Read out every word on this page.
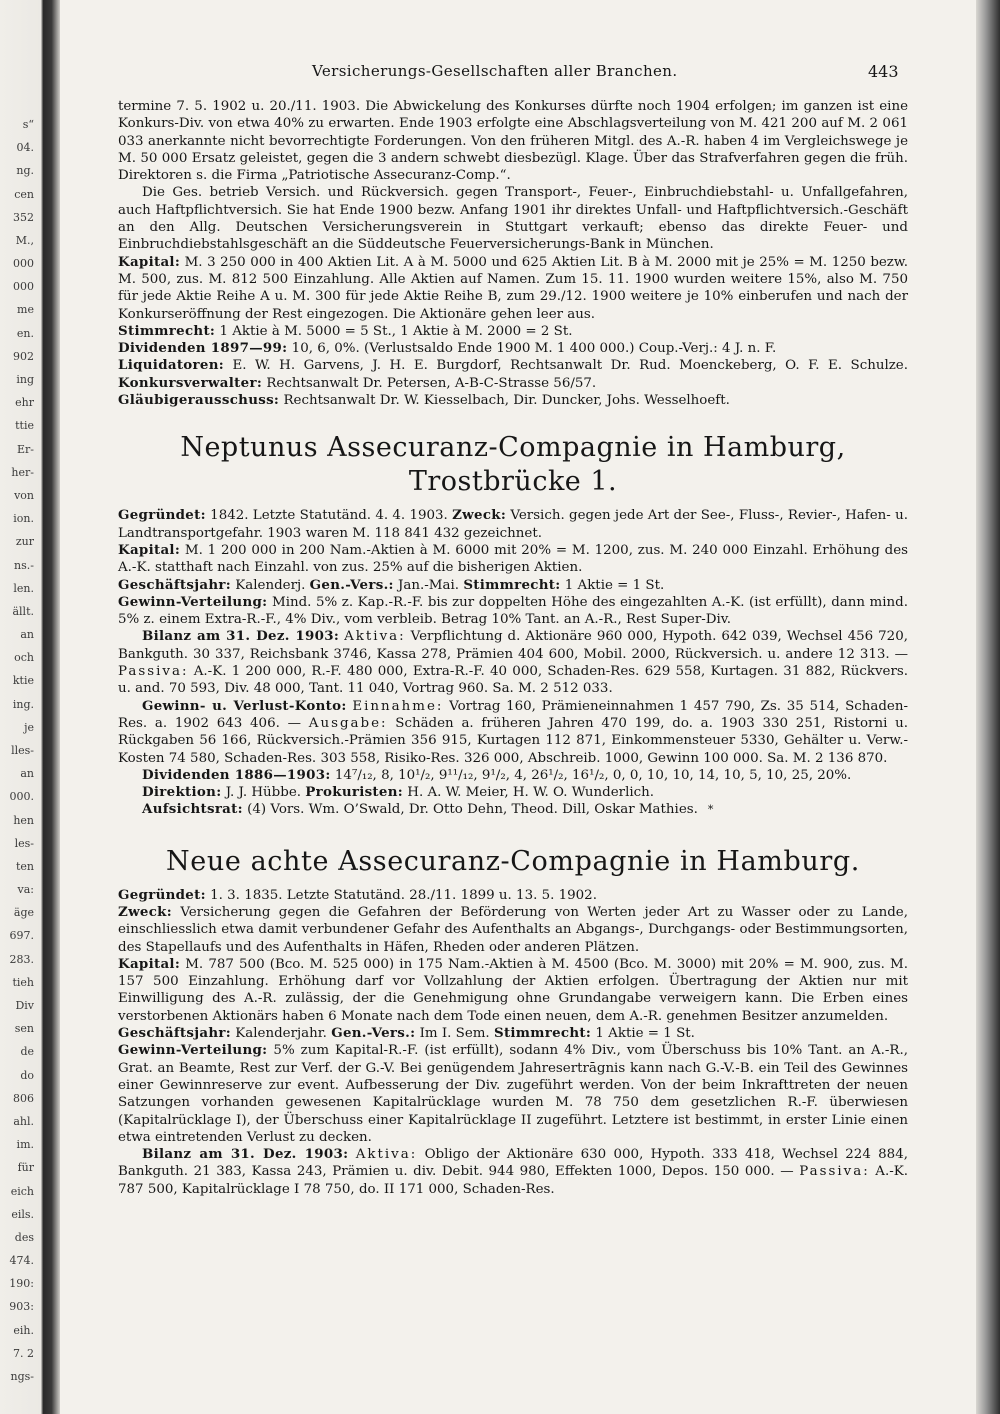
s“
04.
ng.
cen
352
M.,
000
000
me
en.
902
ing
ehr
ttie
Er-
her-
von
ion.
zur
ns.-
len.
ällt.
an
och
ktie
ing.
je
lles-
an
000.
hen
les-
ten
va:
äge
697.
283.
tieh
Div
sen
de
do
806
ahl.
im.
für
eich
eils.
des
474.
190:
903:
eih.
7. 2
ngs-
Versicherungs-Gesellschaften aller Branchen.	443

termine 7. 5. 1902 u. 20./11. 1903. Die Abwickelung des Konkurses dürfte noch 1904 erfolgen; im ganzen ist eine Konkurs-Div. von etwa 40% zu erwarten. Ende 1903 erfolgte eine Abschlagsverteilung von M. 421 200 auf M. 2 061 033 anerkannte nicht bevorrechtigte Forderungen. Von den früheren Mitgl. des A.-R. haben 4 im Vergleichswege je M. 50 000 Ersatz geleistet, gegen die 3 andern schwebt diesbezügl. Klage. Über das Strafverfahren gegen die früh. Direktoren s. die Firma „Patriotische Assecuranz-Comp.“.

Die Ges. betrieb Versich. und Rückversich. gegen Transport-, Feuer-, Einbruchdiebstahl- u. Unfallgefahren, auch Haftpflichtversich. Sie hat Ende 1900 bezw. Anfang 1901 ihr direktes Unfall- und Haftpflichtversich.-Geschäft an den Allg. Deutschen Versicherungsverein in Stuttgart verkauft; ebenso das direkte Feuer- und Einbruchdiebstahlsgeschäft an die Süddeutsche Feuerversicherungs-Bank in München.

Kapital: M. 3 250 000 in 400 Aktien Lit. A à M. 5000 und 625 Aktien Lit. B à M. 2000 mit je 25% = M. 1250 bezw. M. 500, zus. M. 812 500 Einzahlung. Alle Aktien auf Namen. Zum 15. 11. 1900 wurden weitere 15%, also M. 750 für jede Aktie Reihe A u. M. 300 für jede Aktie Reihe B, zum 29./12. 1900 weitere je 10% einberufen und nach der Konkurseröffnung der Rest eingezogen. Die Aktionäre gehen leer aus.

Stimmrecht: 1 Aktie à M. 5000 = 5 St., 1 Aktie à M. 2000 = 2 St.

Dividenden 1897—99: 10, 6, 0%. (Verlustsaldo Ende 1900 M. 1 400 000.) Coup.-Verj.: 4 J. n. F.

Liquidatoren: E. W. H. Garvens, J. H. E. Burgdorf, Rechtsanwalt Dr. Rud. Moenckeberg, O. F. E. Schulze. Konkursverwalter: Rechtsanwalt Dr. Petersen, A-B-C-Strasse 56/57.

Gläubigerausschuss: Rechtsanwalt Dr. W. Kiesselbach, Dir. Duncker, Johs. Wesselhoeft.

Neptunus Assecuranz-Compagnie in Hamburg, Trostbrücke 1.

Gegründet: 1842. Letzte Statutänd. 4. 4. 1903. Zweck: Versich. gegen jede Art der See-, Fluss-, Revier-, Hafen- u. Landtransportgefahr. 1903 waren M. 118 841 432 gezeichnet.

Kapital: M. 1 200 000 in 200 Nam.-Aktien à M. 6000 mit 20% = M. 1200, zus. M. 240 000 Einzahl. Erhöhung des A.-K. statthaft nach Einzahl. von zus. 25% auf die bisherigen Aktien.

Geschäftsjahr: Kalenderj. Gen.-Vers.: Jan.-Mai. Stimmrecht: 1 Aktie = 1 St.

Gewinn-Verteilung: Mind. 5% z. Kap.-R.-F. bis zur doppelten Höhe des eingezahlten A.-K. (ist erfüllt), dann mind. 5% z. einem Extra-R.-F., 4% Div., vom verbleib. Betrag 10% Tant. an A.-R., Rest Super-Div.

Bilanz am 31. Dez. 1903: Aktiva: Verpflichtung d. Aktionäre 960 000, Hypoth. 642 039, Wechsel 456 720, Bankguth. 30 337, Reichsbank 3746, Kassa 278, Prämien 404 600, Mobil. 2000, Rückversich. u. andere 12 313. — Passiva: A.-K. 1 200 000, R.-F. 480 000, Extra-R.-F. 40 000, Schaden-Res. 629 558, Kurtagen. 31 882, Rückvers. u. and. 70 593, Div. 48 000, Tant. 11 040, Vortrag 960. Sa. M. 2 512 033.

Gewinn- u. Verlust-Konto: Einnahme: Vortrag 160, Prämieneinnahmen 1 457 790, Zs. 35 514, Schaden-Res. a. 1902 643 406. — Ausgabe: Schäden a. früheren Jahren 470 199, do. a. 1903 330 251, Ristorni u. Rückgaben 56 166, Rückversich.-Prämien 356 915, Kurtagen 112 871, Einkommensteuer 5330, Gehälter u. Verw.-Kosten 74 580, Schaden-Res. 303 558, Risiko-Res. 326 000, Abschreib. 1000, Gewinn 100 000. Sa. M. 2 136 870.

Dividenden 1886—1903: 14⁷/₁₂, 8, 10¹/₂, 9¹¹/₁₂, 9¹/₂, 4, 26¹/₂, 16¹/₂, 0, 0, 10, 10, 14, 10, 5, 10, 25, 20%.

Direktion: J. J. Hübbe. Prokuristen: H. A. W. Meier, H. W. O. Wunderlich.

Aufsichtsrat: (4) Vors. Wm. O’Swald, Dr. Otto Dehn, Theod. Dill, Oskar Mathies. *

Neue achte Assecuranz-Compagnie in Hamburg.

Gegründet: 1. 3. 1835. Letzte Statutänd. 28./11. 1899 u. 13. 5. 1902.

Zweck: Versicherung gegen die Gefahren der Beförderung von Werten jeder Art zu Wasser oder zu Lande, einschliesslich etwa damit verbundener Gefahr des Aufenthalts an Abgangs-, Durchgangs- oder Bestimmungsorten, des Stapellaufs und des Aufenthalts in Häfen, Rheden oder anderen Plätzen.

Kapital: M. 787 500 (Bco. M. 525 000) in 175 Nam.-Aktien à M. 4500 (Bco. M. 3000) mit 20% = M. 900, zus. M. 157 500 Einzahlung. Erhöhung darf vor Vollzahlung der Aktien erfolgen. Übertragung der Aktien nur mit Einwilligung des A.-R. zulässig, der die Genehmigung ohne Grundangabe verweigern kann. Die Erben eines verstorbenen Aktionärs haben 6 Monate nach dem Tode einen neuen, dem A.-R. genehmen Besitzer anzumelden.

Geschäftsjahr: Kalenderjahr. Gen.-Vers.: Im I. Sem. Stimmrecht: 1 Aktie = 1 St.

Gewinn-Verteilung: 5% zum Kapital-R.-F. (ist erfüllt), sodann 4% Div., vom Überschuss bis 10% Tant. an A.-R., Grat. an Beamte, Rest zur Verf. der G.-V. Bei genügendem Jahresertrāgnis kann nach G.-V.-B. ein Teil des Gewinnes einer Gewinnreserve zur event. Aufbesserung der Div. zugeführt werden. Von der beim Inkrafttreten der neuen Satzungen vorhanden gewesenen Kapitalrücklage wurden M. 78 750 dem gesetzlichen R.-F. überwiesen (Kapitalrücklage I), der Überschuss einer Kapitalrücklage II zugeführt. Letztere ist bestimmt, in erster Linie einen etwa eintretenden Verlust zu decken.

Bilanz am 31. Dez. 1903: Aktiva: Obligo der Aktionäre 630 000, Hypoth. 333 418, Wechsel 224 884, Bankguth. 21 383, Kassa 243, Prämien u. div. Debit. 944 980, Effekten 1000, Depos. 150 000. — Passiva: A.-K. 787 500, Kapitalrücklage I 78 750, do. II 171 000, Schaden-Res.
